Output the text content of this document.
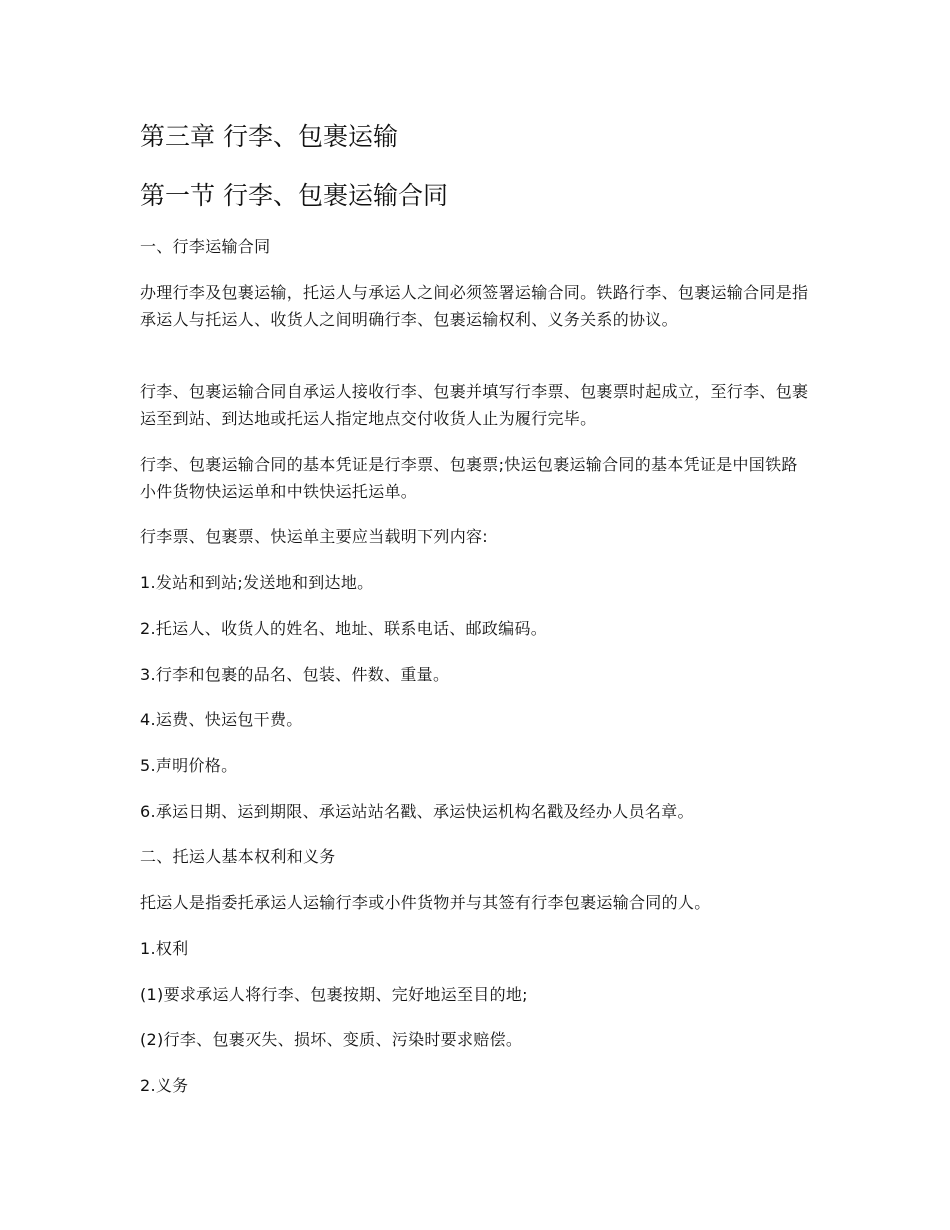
第三章 行李、包裹运输
第一节 行李、包裹运输合同

一、行李运输合同

办理行李及包裹运输，托运人与承运人之间必须签署运输合同。铁路行李、包裹运输合同是指承运人与托运人、收货人之间明确行李、包裹运输权利、义务关系的协议。

行李、包裹运输合同自承运人接收行李、包裹并填写行李票、包裹票时起成立，至行李、包裹运至到站、到达地或托运人指定地点交付收货人止为履行完毕。

行李、包裹运输合同的基本凭证是行李票、包裹票;快运包裹运输合同的基本凭证是中国铁路小件货物快运运单和中铁快运托运单。

行李票、包裹票、快运单主要应当载明下列内容:

1.发站和到站;发送地和到达地。

2.托运人、收货人的姓名、地址、联系电话、邮政编码。

3.行李和包裹的品名、包装、件数、重量。

4.运费、快运包干费。

5.声明价格。

6.承运日期、运到期限、承运站站名戳、承运快运机构名戳及经办人员名章。

二、托运人基本权利和义务

托运人是指委托承运人运输行李或小件货物并与其签有行李包裹运输合同的人。

1.权利

(1)要求承运人将行李、包裹按期、完好地运至目的地;

(2)行李、包裹灭失、损坏、变质、污染时要求赔偿。

2.义务
